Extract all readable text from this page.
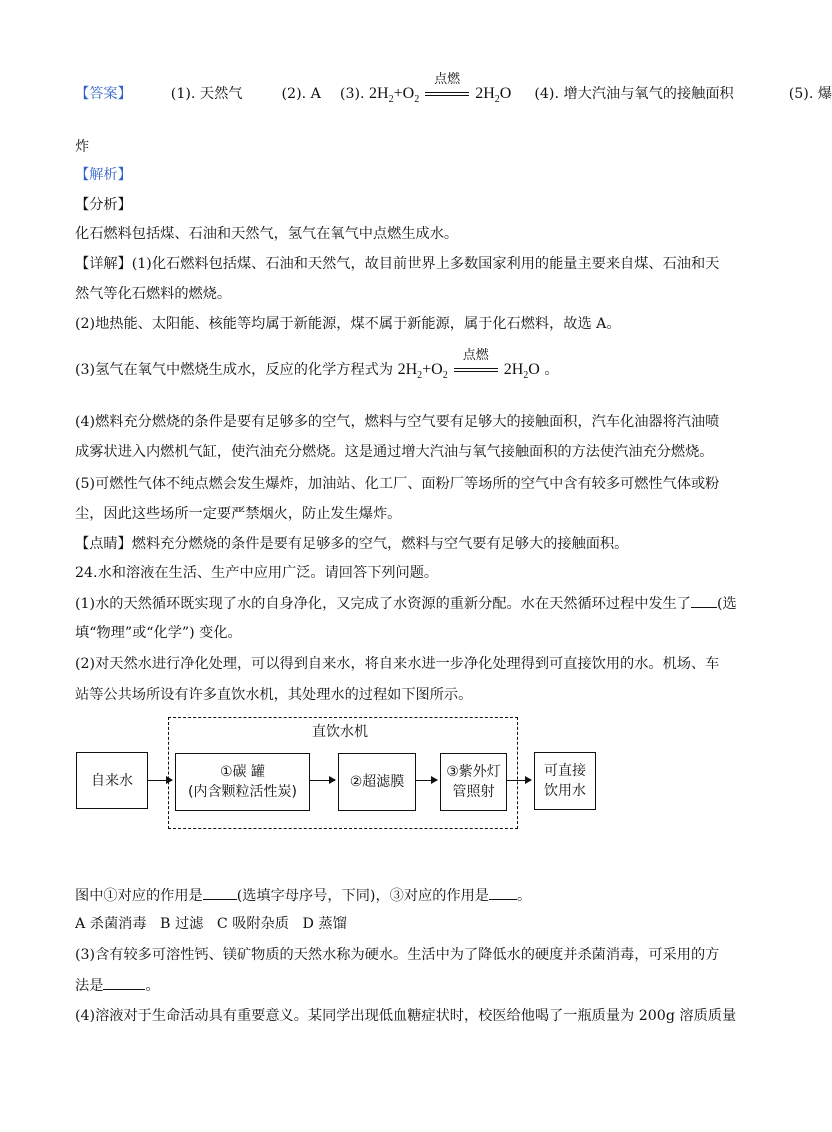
【答案】	(1). 天然气	(2). A (3). $2H_2+O_2$
点燃
$2H_2O$ (4). 增大汽油与氧气的接触面积	(5). 爆
炸
【解析】
【分析】
化石燃料包括煤、石油和天然气，氢气在氧气中点燃生成水。
【详解】(1)化石燃料包括煤、石油和天然气，故目前世界上多数国家利用的能量主要来自煤、石油和天
然气等化石燃料的燃烧。
(2)地热能、太阳能、核能等均属于新能源，煤不属于新能源，属于化石燃料，故选 A。
(3)氢气在氧气中燃烧生成水，反应的化学方程式为 $2H_2+O_2$
点燃
$2H_2O$ 。
(4)燃料充分燃烧的条件是要有足够多的空气，燃料与空气要有足够大的接触面积，汽车化油器将汽油喷
成雾状进入内燃机气缸，使汽油充分燃烧。这是通过增大汽油与氧气接触面积的方法使汽油充分燃烧。
(5)可燃性气体不纯点燃会发生爆炸，加油站、化工厂、面粉厂等场所的空气中含有较多可燃性气体或粉
尘，因此这些场所一定要严禁烟火，防止发生爆炸。
【点睛】燃料充分燃烧的条件是要有足够多的空气，燃料与空气要有足够大的接触面积。
24.水和溶液在生活、生产中应用广泛。请回答下列问题。
(1)水的天然循环既实现了水的自身净化，又完成了水资源的重新分配。水在天然循环过程中发生了 (选
填“物理”或“化学”) 变化。
(2)对天然水进行净化处理，可以得到自来水，将自来水进一步净化处理得到可直接饮用的水。机场、车
站等公共场所设有许多直饮水机，其处理水的过程如下图所示。
直饮水机
自来水
①碳 罐
(内含颗粒活性炭)
②超滤膜
③紫外灯
管照射
可直接
饮用水
图中①对应的作用是 (选填字母序号，下同)，③对应的作用是 。
A 杀菌消毒   B 过滤   C 吸附杂质   D 蒸馏
(3)含有较多可溶性钙、镁矿物质的天然水称为硬水。生活中为了降低水的硬度并杀菌消毒，可采用的方
法是	。
(4)溶液对于生命活动具有重要意义。某同学出现低血糖症状时，校医给他喝了一瓶质量为 200g 溶质质量
